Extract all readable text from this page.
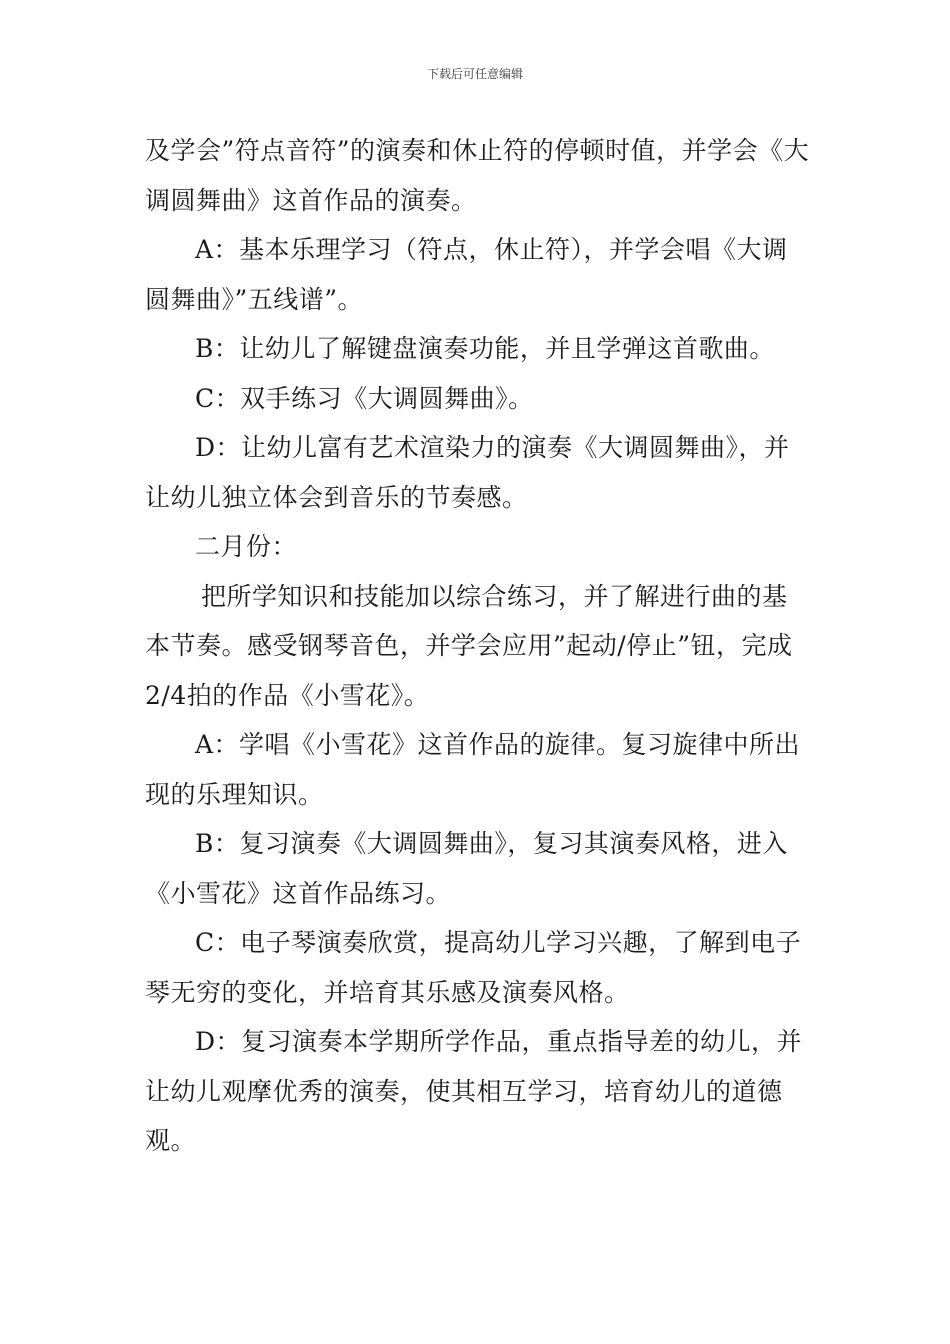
下载后可任意编辑

及学会”符点音符”的演奏和休止符的停顿时值，并学会《大调圆舞曲》这首作品的演奏。

A：基本乐理学习（符点，休止符），并学会唱《大调圆舞曲》”五线谱”。

B：让幼儿了解键盘演奏功能，并且学弹这首歌曲。

C：双手练习《大调圆舞曲》。

D：让幼儿富有艺术渲染力的演奏《大调圆舞曲》，并让幼儿独立体会到音乐的节奏感。

二月份：

把所学知识和技能加以综合练习，并了解进行曲的基本节奏。感受钢琴音色，并学会应用”起动/停止”钮，完成2/4拍的作品《小雪花》。

A：学唱《小雪花》这首作品的旋律。复习旋律中所出现的乐理知识。

B：复习演奏《大调圆舞曲》，复习其演奏风格，进入《小雪花》这首作品练习。

C：电子琴演奏欣赏，提高幼儿学习兴趣，了解到电子琴无穷的变化，并培育其乐感及演奏风格。

D：复习演奏本学期所学作品，重点指导差的幼儿，并让幼儿观摩优秀的演奏，使其相互学习，培育幼儿的道德观。
